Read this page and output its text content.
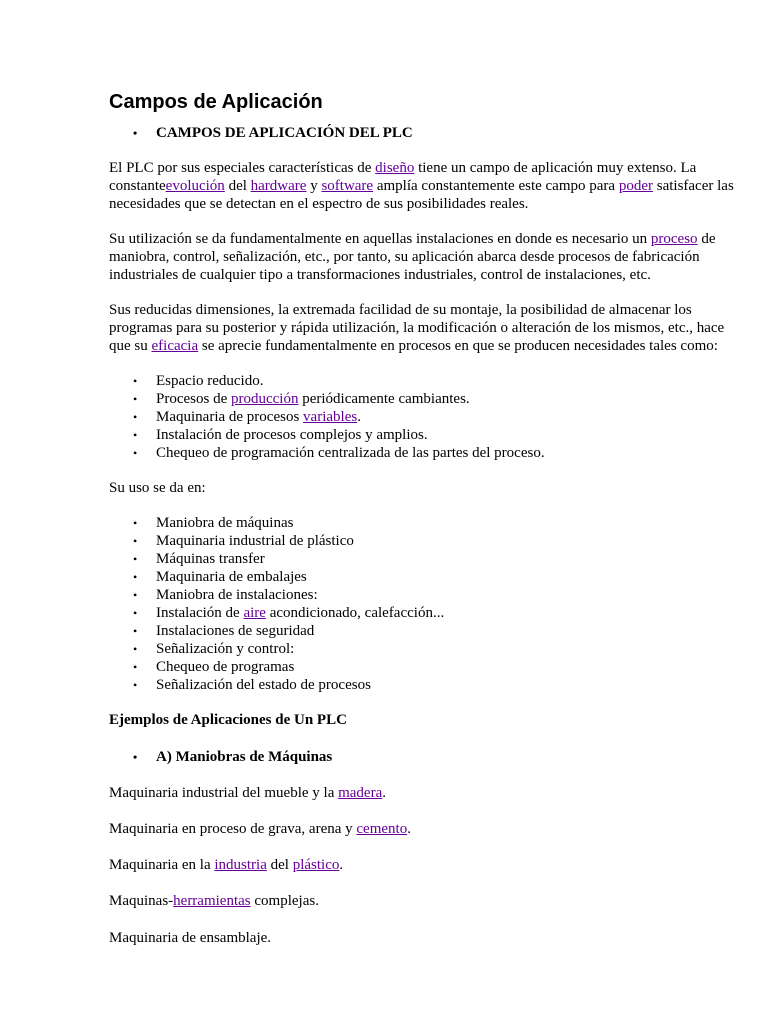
Campos de Aplicación
• CAMPOS DE APLICACIÓN DEL PLC

El PLC por sus especiales características de diseño tiene un campo de aplicación muy extenso. La constanteevolución del hardware y software amplía constantemente este campo para poder satisfacer las necesidades que se detectan en el espectro de sus posibilidades reales.

Su utilización se da fundamentalmente en aquellas instalaciones en donde es necesario un proceso de maniobra, control, señalización, etc., por tanto, su aplicación abarca desde procesos de fabricación industriales de cualquier tipo a transformaciones industriales, control de instalaciones, etc.

Sus reducidas dimensiones, la extremada facilidad de su montaje, la posibilidad de almacenar los programas para su posterior y rápida utilización, la modificación o alteración de los mismos, etc., hace que su eficacia se aprecie fundamentalmente en procesos en que se producen necesidades tales como:

• Espacio reducido.
• Procesos de producción periódicamente cambiantes.
• Maquinaria de procesos variables.
• Instalación de procesos complejos y amplios.
• Chequeo de programación centralizada de las partes del proceso.

Su uso se da en:

• Maniobra de máquinas
• Maquinaria industrial de plástico
• Máquinas transfer
• Maquinaria de embalajes
• Maniobra de instalaciones:
• Instalación de aire acondicionado, calefacción...
• Instalaciones de seguridad
• Señalización y control:
• Chequeo de programas
• Señalización del estado de procesos

Ejemplos de Aplicaciones de Un PLC

• A) Maniobras de Máquinas

Maquinaria industrial del mueble y la madera.

Maquinaria en proceso de grava, arena y cemento.

Maquinaria en la industria del plástico.

Maquinas-herramientas complejas.

Maquinaria de ensamblaje.
